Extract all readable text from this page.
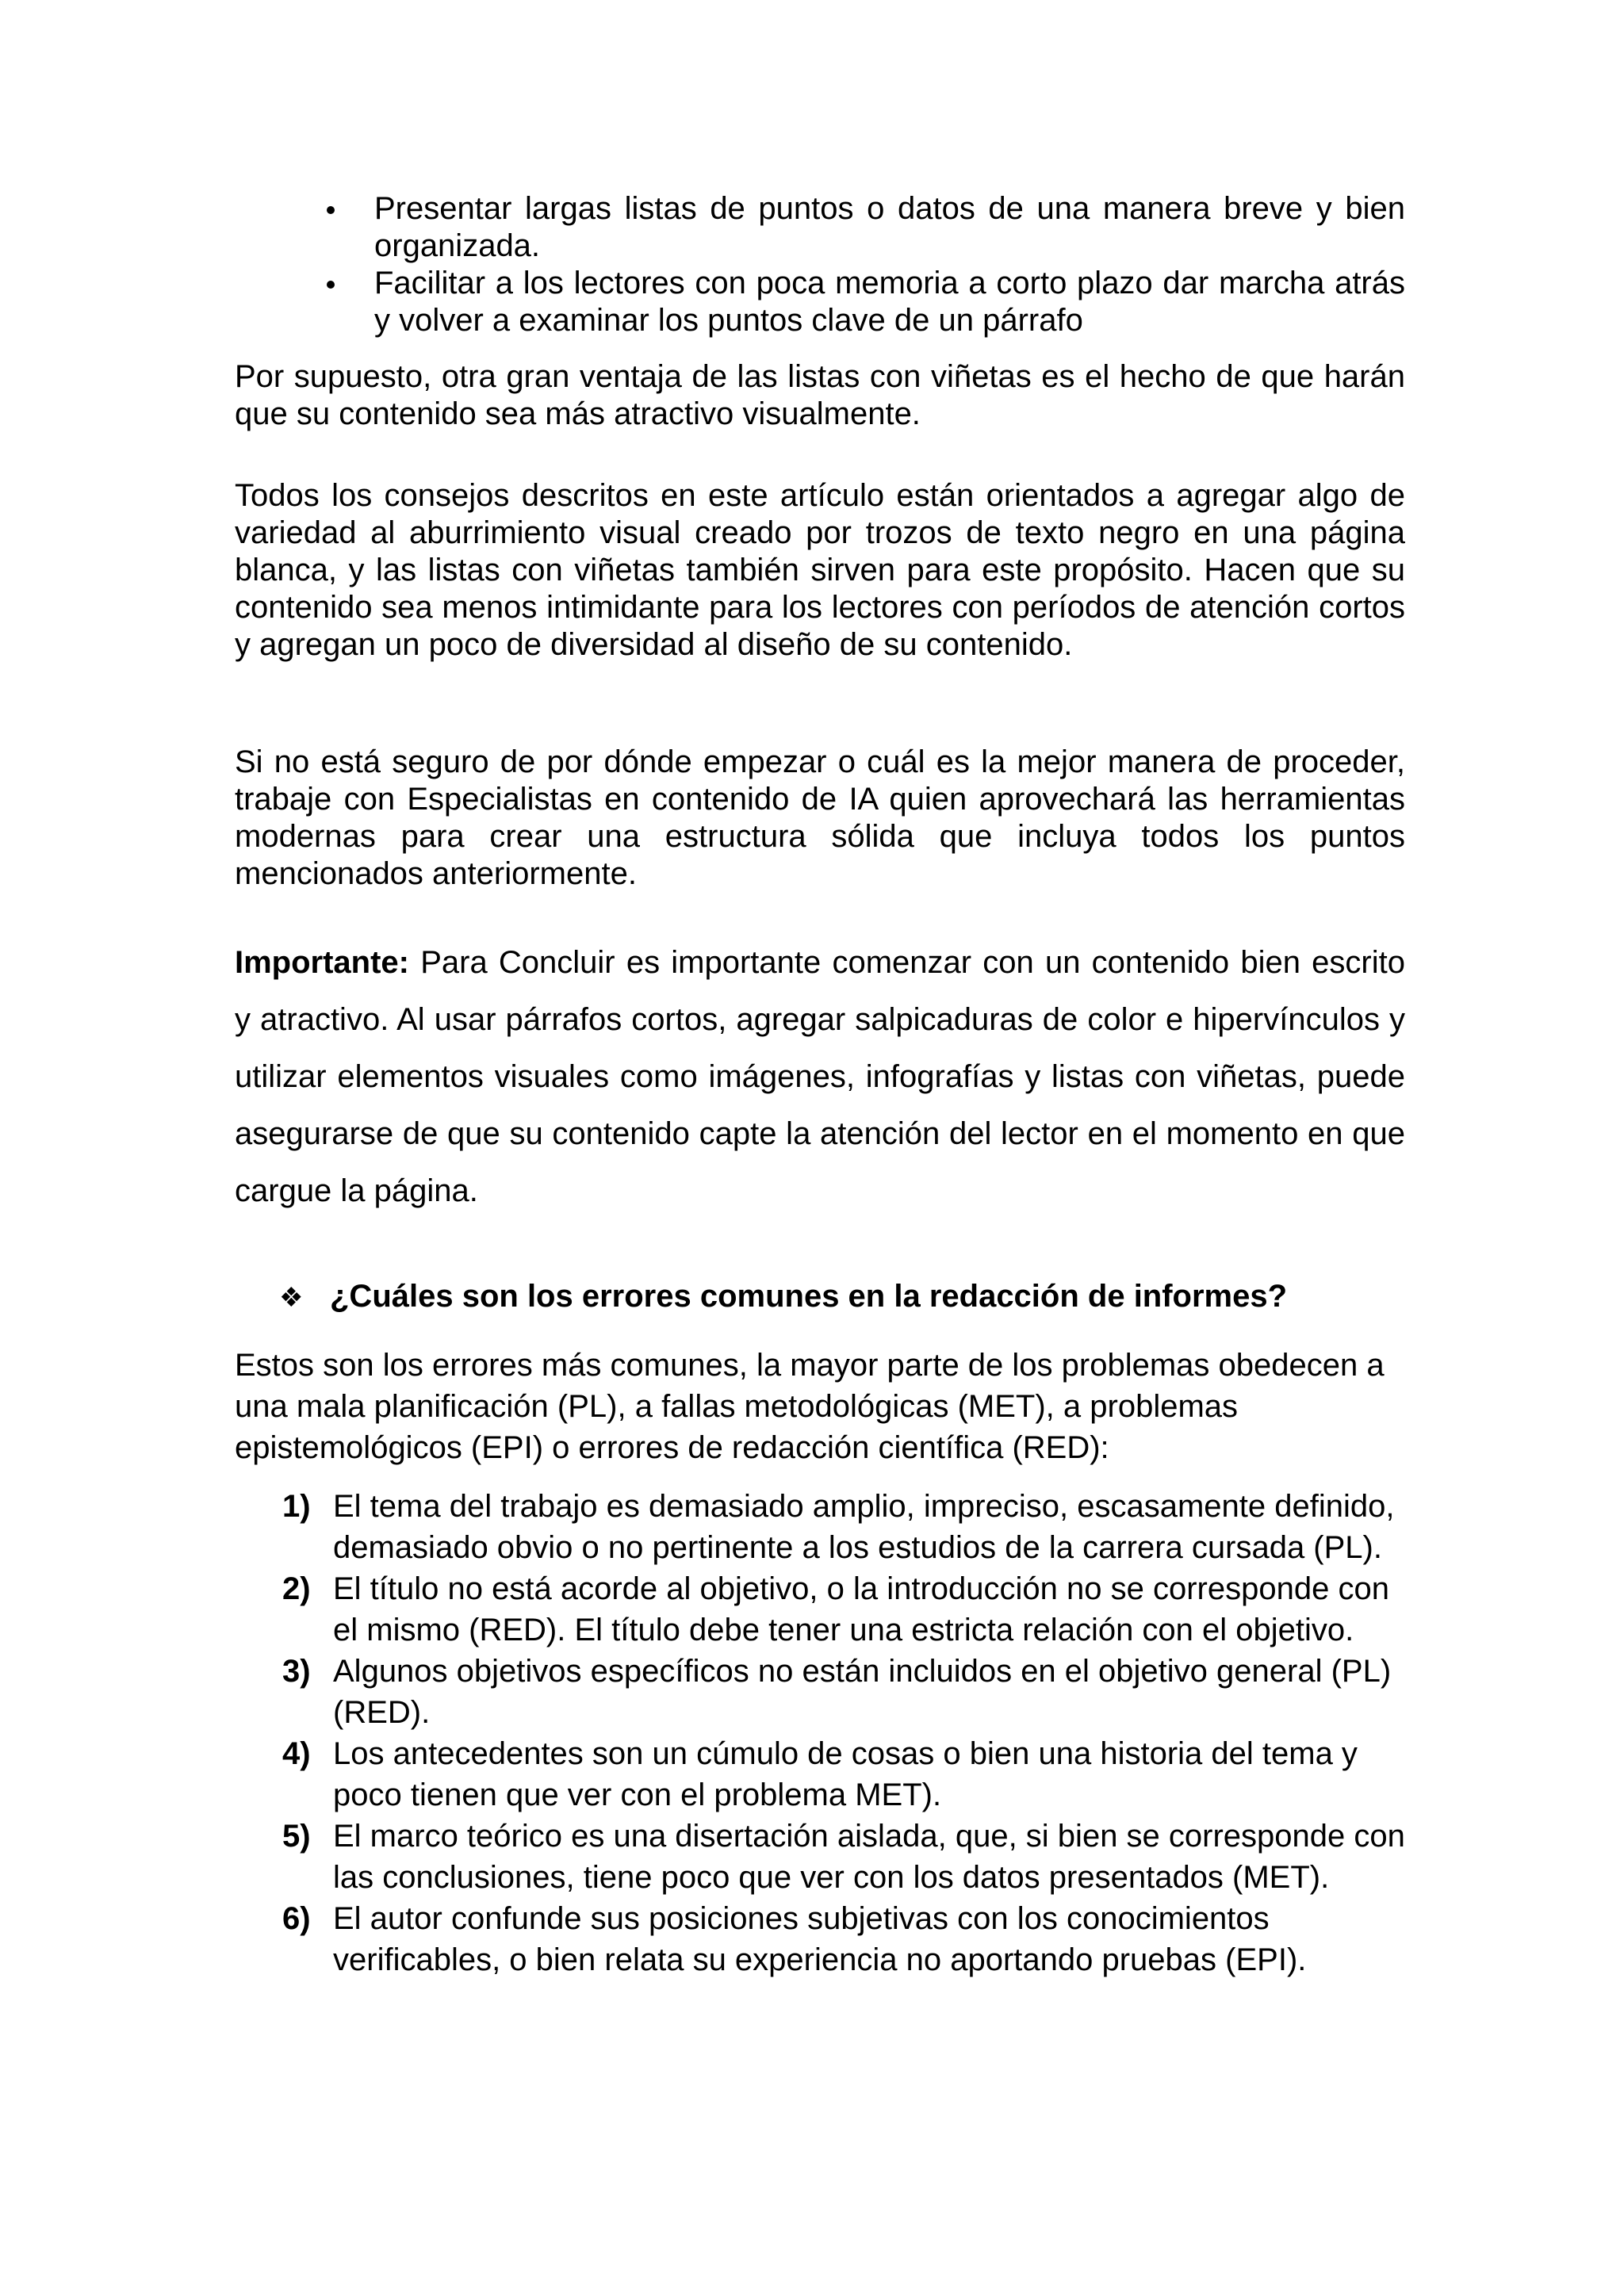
Presentar largas listas de puntos o datos de una manera breve y bien organizada.
Facilitar a los lectores con poca memoria a corto plazo dar marcha atrás y volver a examinar los puntos clave de un párrafo
Por supuesto, otra gran ventaja de las listas con viñetas es el hecho de que harán que su contenido sea más atractivo visualmente.
Todos los consejos descritos en este artículo están orientados a agregar algo de variedad al aburrimiento visual creado por trozos de texto negro en una página blanca, y las listas con viñetas también sirven para este propósito. Hacen que su contenido sea menos intimidante para los lectores con períodos de atención cortos y agregan un poco de diversidad al diseño de su contenido.
Si no está seguro de por dónde empezar o cuál es la mejor manera de proceder, trabaje con Especialistas en contenido de IA quien aprovechará las herramientas modernas para crear una estructura sólida que incluya todos los puntos mencionados anteriormente.
Importante: Para Concluir es importante comenzar con un contenido bien escrito y atractivo. Al usar párrafos cortos, agregar salpicaduras de color e hipervínculos y utilizar elementos visuales como imágenes, infografías y listas con viñetas, puede asegurarse de que su contenido capte la atención del lector en el momento en que cargue la página.
❖ ¿Cuáles son los errores comunes en la redacción de informes?
Estos son los errores más comunes, la mayor parte de los problemas obedecen a una mala planificación (PL), a fallas metodológicas (MET), a problemas epistemológicos (EPI) o errores de redacción científica (RED):
1) El tema del trabajo es demasiado amplio, impreciso, escasamente definido, demasiado obvio o no pertinente a los estudios de la carrera cursada (PL).
2) El título no está acorde al objetivo, o la introducción no se corresponde con el mismo (RED). El título debe tener una estricta relación con el objetivo.
3) Algunos objetivos específicos no están incluidos en el objetivo general (PL) (RED).
4) Los antecedentes son un cúmulo de cosas o bien una historia del tema y poco tienen que ver con el problema MET).
5) El marco teórico es una disertación aislada, que, si bien se corresponde con las conclusiones, tiene poco que ver con los datos presentados (MET).
6) El autor confunde sus posiciones subjetivas con los conocimientos verificables, o bien relata su experiencia no aportando pruebas (EPI).
